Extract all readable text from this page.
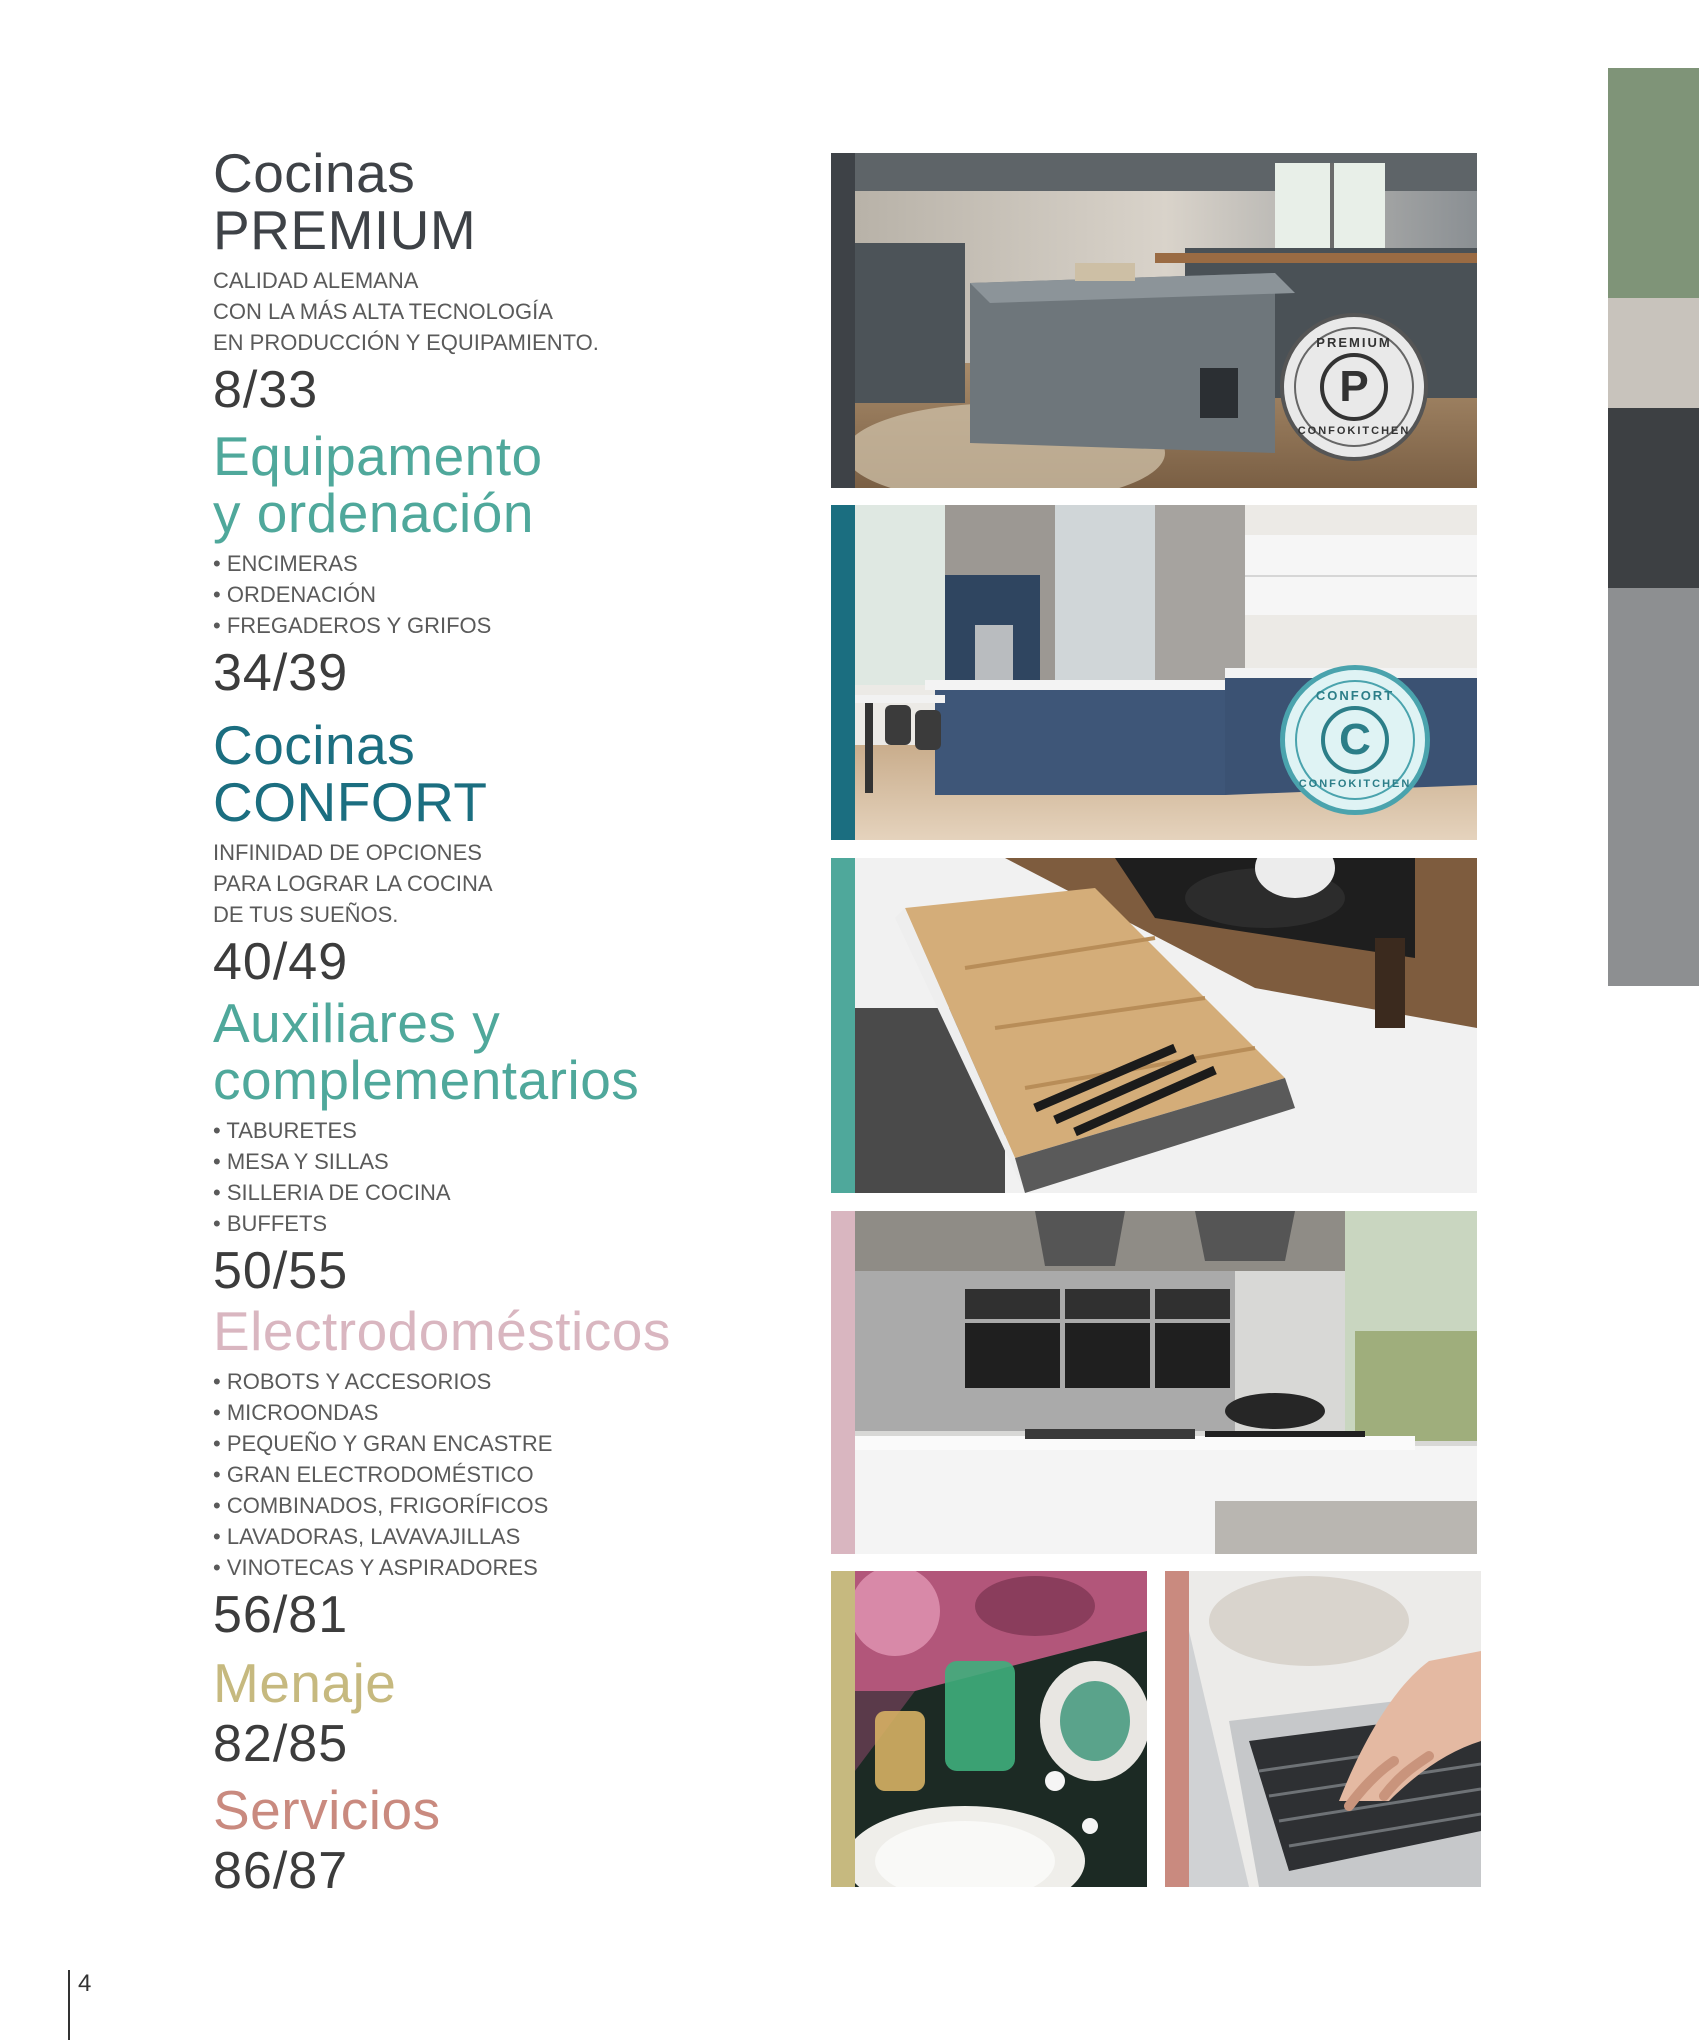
Cocinas
PREMIUM
CALIDAD ALEMANA
CON LA MÁS ALTA TECNOLOGÍA
EN PRODUCCIÓN Y EQUIPAMIENTO.
8/33
Equipamento
y ordenación
• ENCIMERAS
• ORDENACIÓN
• FREGADEROS Y GRIFOS
34/39
Cocinas
CONFORT
INFINIDAD DE OPCIONES
PARA LOGRAR LA COCINA
DE TUS SUEÑOS.
40/49
Auxiliares y
complementarios
• TABURETES
• MESA Y SILLAS
• SILLERIA DE COCINA
• BUFFETS
50/55
Electrodomésticos
• ROBOTS Y ACCESORIOS
• MICROONDAS
• PEQUEÑO Y GRAN ENCASTRE
• GRAN ELECTRODOMÉSTICO
• COMBINADOS, FRIGORÍFICOS
• LAVADORAS, LAVAVAJILLAS
• VINOTECAS Y ASPIRADORES
56/81
Menaje
82/85
Servicios
86/87
PREMIUM
P
CONFOKITCHEN
CONFORT
C
CONFOKITCHEN
4
